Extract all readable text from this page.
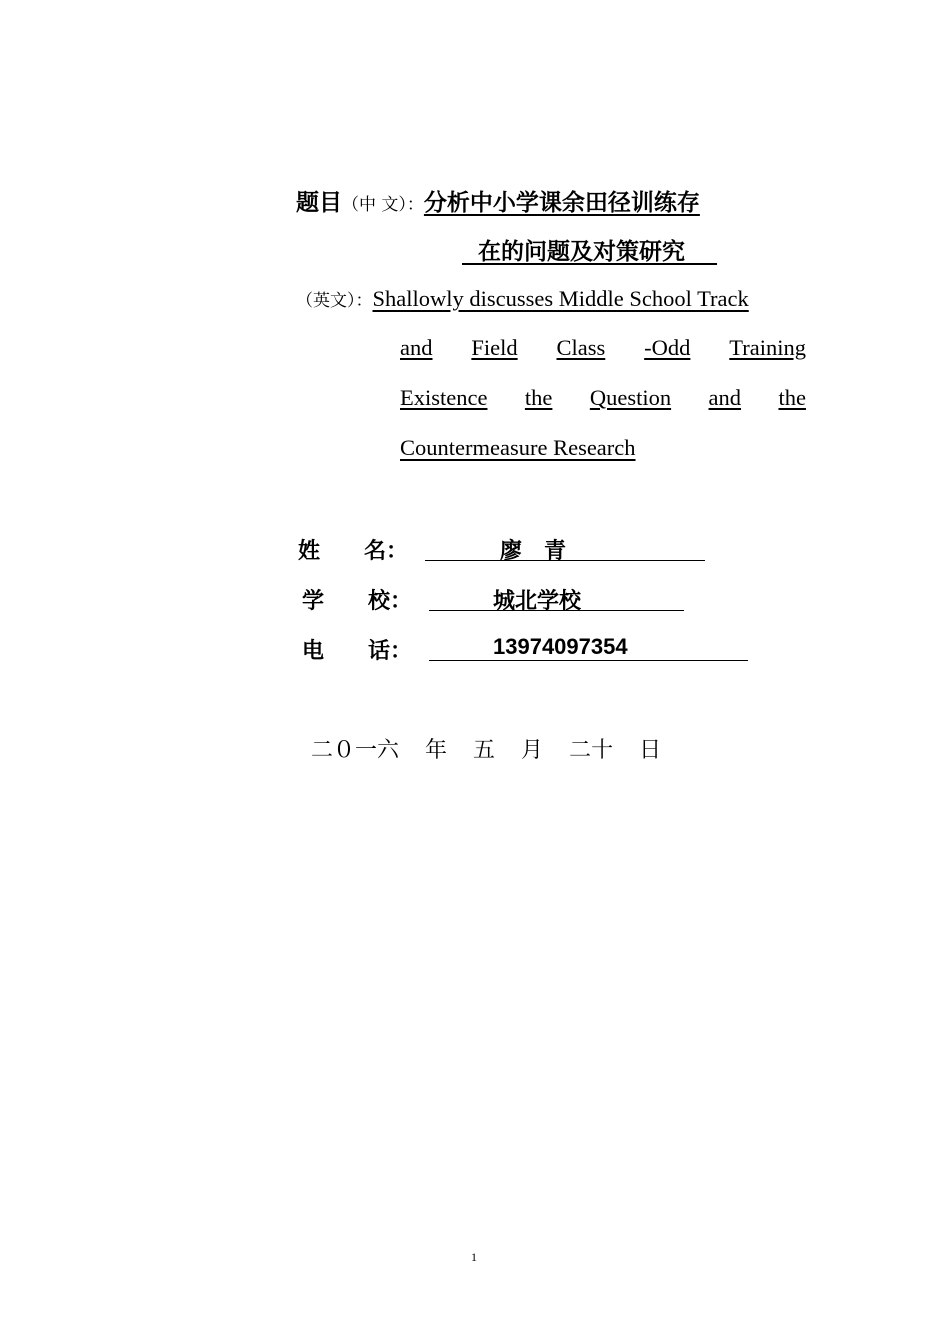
题目（中 文）：分析中小学课余田径训练存
在的问题及对策研究
（英文）：Shallowly discusses Middle School Track
and Field Class -Odd Training
Existence the Question and the
Countermeasure Research
姓　　名：	廖　青
学　　校：	城北学校
电　　话：	13974097354
二０一六 年 五 月 二十 日
1
